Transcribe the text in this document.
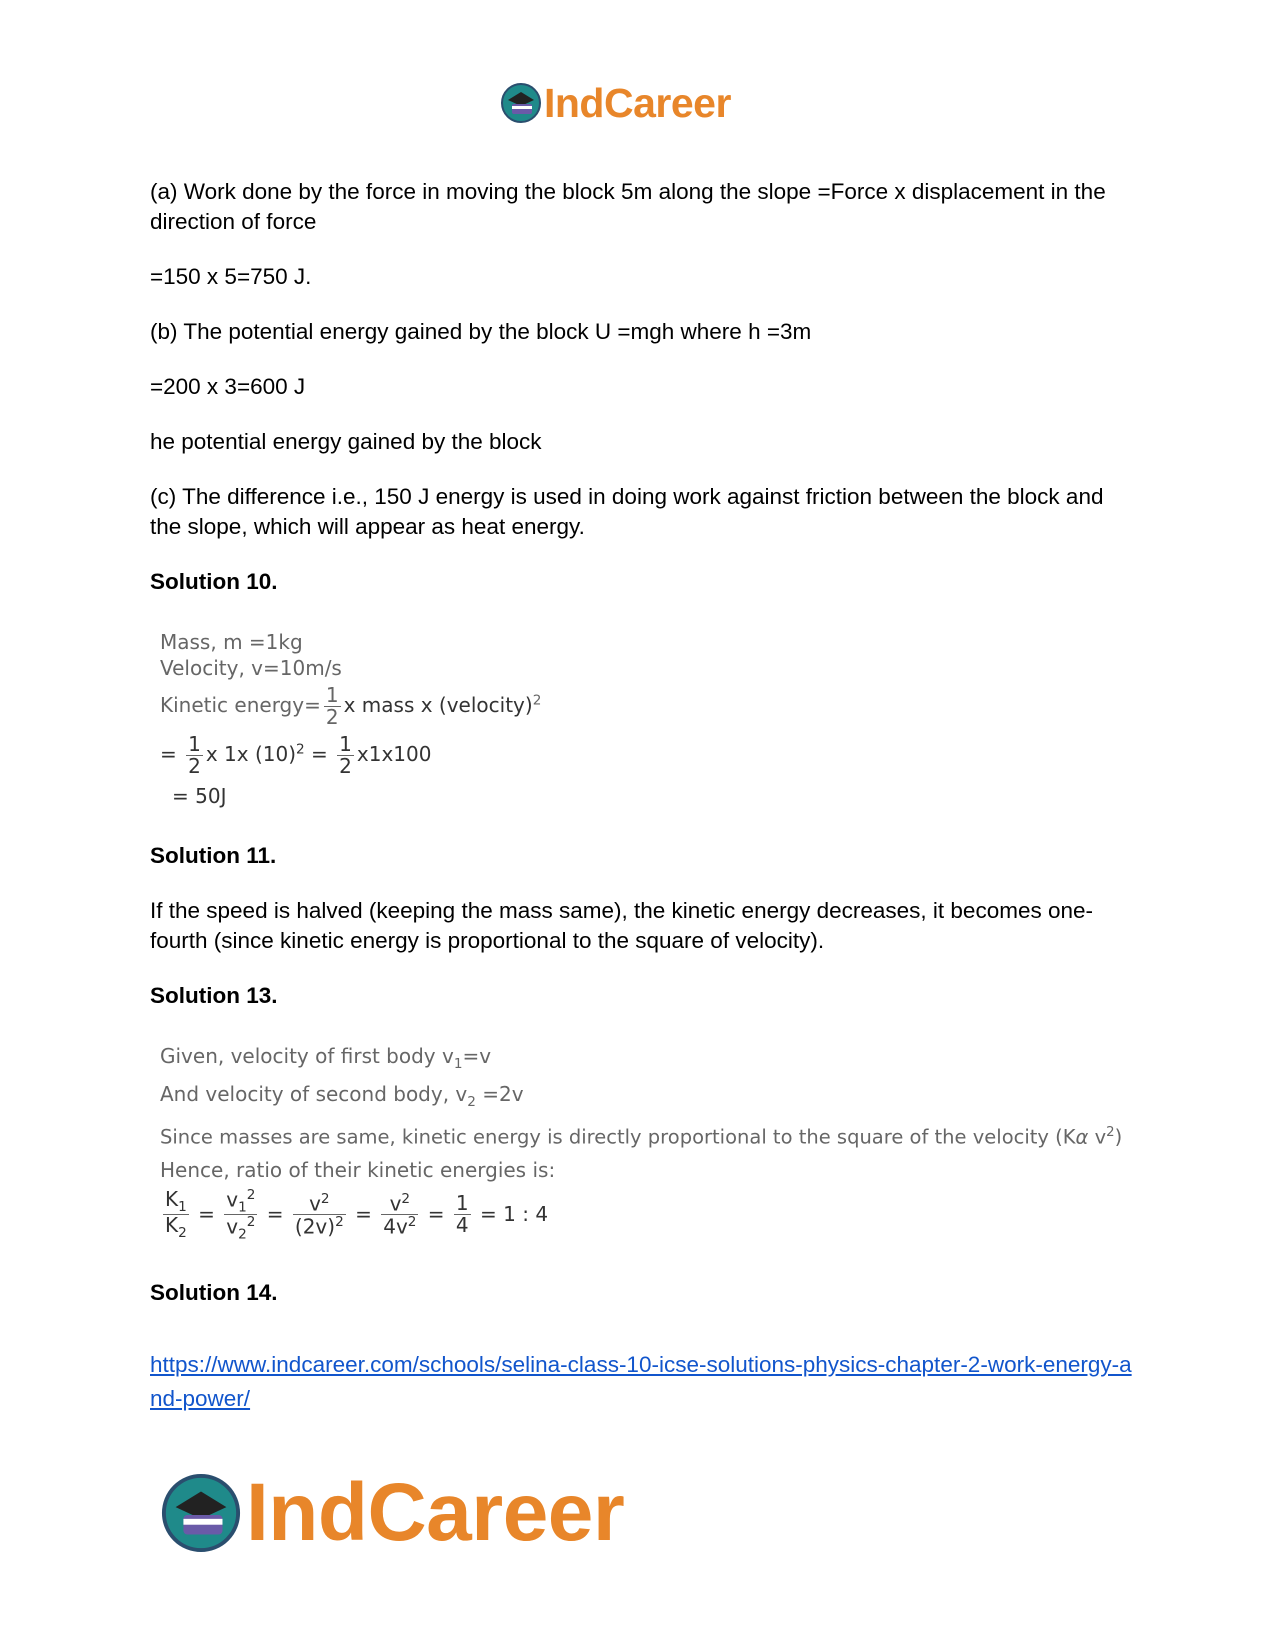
IndCareer

(a) Work done by the force in moving the block 5m along the slope =Force x displacement in the direction of force

=150 x 5=750 J.

(b) The potential energy gained by the block U =mgh where h =3m

=200 x 3=600 J

he potential energy gained by the block

(c) The difference i.e., 150 J energy is used in doing work against friction between the block and the slope, which will appear as heat energy.

Solution 10.

Mass, m =1kg
Velocity, v=10m/s
Kinetic energy= $\frac{1}{2}$ x mass x (velocity)$^2$
= $\frac{1}{2}$ x 1x $(10)^2 = \frac{1}{2} x1x100$
= 50J

Solution 11.

If the speed is halved (keeping the mass same), the kinetic energy decreases, it becomes one-fourth (since kinetic energy is proportional to the square of velocity).

Solution 13.

Given, velocity of first body $v_1=v$
And velocity of second body, $v_2 =2v$
Since masses are same, kinetic energy is directly proportional to the square of the velocity (Kα $v^2$)
Hence, ratio of their kinetic energies is:
$\frac{K_1}{K_2} = \frac{v_1^2}{v_2^2} = \frac{v^2}{(2v)^2} = \frac{v^2}{4v^2} = \frac{1}{4} = 1$ : 4

Solution 14.

https://www.indcareer.com/schools/selina-class-10-icse-solutions-physics-chapter-2-work-energy-and-power/

IndCareer
